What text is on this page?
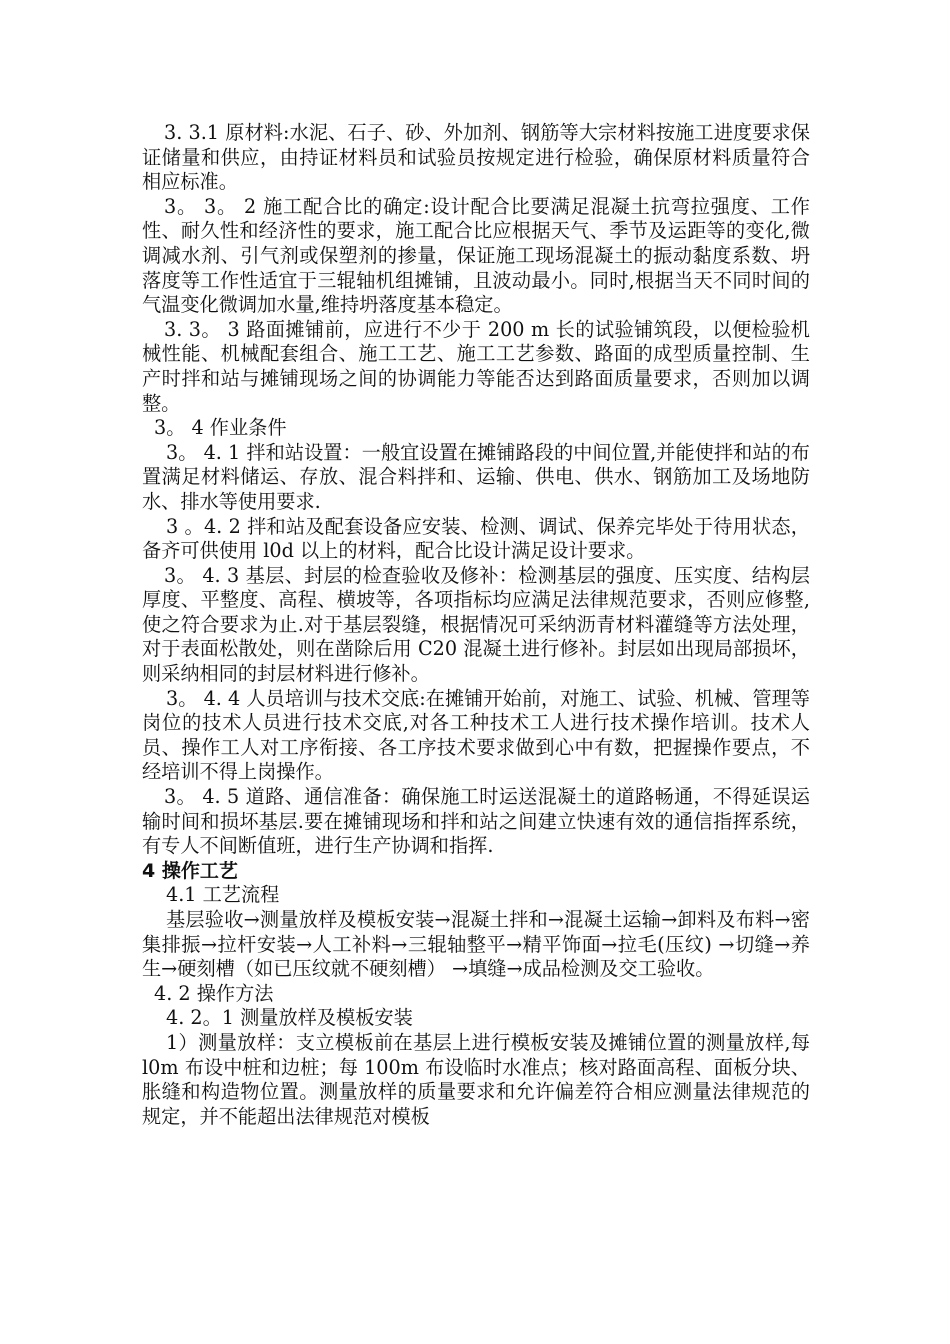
3. 3.1 原材料:水泥、石子、砂、外加剂、钢筋等大宗材料按施工进度要求保证储量和供应，由持证材料员和试验员按规定进行检验，确保原材料质量符合相应标准。

3。 3。 2 施工配合比的确定:设计配合比要满足混凝土抗弯拉强度、工作性、耐久性和经济性的要求，施工配合比应根据天气、季节及运距等的变化,微调减水剂、引气剂或保塑剂的掺量，保证施工现场混凝土的振动黏度系数、坍落度等工作性适宜于三辊轴机组摊铺，且波动最小。同时,根据当天不同时间的气温变化微调加水量,维持坍落度基本稳定。

3. 3。 3 路面摊铺前，应进行不少于 200 m 长的试验铺筑段，以便检验机械性能、机械配套组合、施工工艺、施工工艺参数、路面的成型质量控制、生产时拌和站与摊铺现场之间的协调能力等能否达到路面质量要求，否则加以调整。

3。 4 作业条件

3。 4. 1 拌和站设置：一般宜设置在摊铺路段的中间位置,并能使拌和站的布置满足材料储运、存放、混合料拌和、运输、供电、供水、钢筋加工及场地防水、排水等使用要求.

3 。4. 2 拌和站及配套设备应安装、检测、调试、保养完毕处于待用状态，备齐可供使用 l0d 以上的材料，配合比设计满足设计要求。

3。 4. 3 基层、封层的检查验收及修补：检测基层的强度、压实度、结构层厚度、平整度、高程、横坡等，各项指标均应满足法律规范要求，否则应修整,使之符合要求为止.对于基层裂缝，根据情况可采纳沥青材料灌缝等方法处理，对于表面松散处，则在凿除后用 C20 混凝土进行修补。封层如出现局部损坏，则采纳相同的封层材料进行修补。

3。 4. 4 人员培训与技术交底:在摊铺开始前，对施工、试验、机械、管理等岗位的技术人员进行技术交底,对各工种技术工人进行技术操作培训。技术人员、操作工人对工序衔接、各工序技术要求做到心中有数，把握操作要点，不经培训不得上岗操作。

3。 4. 5 道路、通信准备：确保施工时运送混凝土的道路畅通，不得延误运输时间和损坏基层.要在摊铺现场和拌和站之间建立快速有效的通信指挥系统，有专人不间断值班，进行生产协调和指挥.

4 操作工艺

4.1 工艺流程

基层验收→测量放样及模板安装→混凝土拌和→混凝土运输→卸料及布料→密集排振→拉杆安装→人工补料→三辊轴整平→精平饰面→拉毛(压纹) →切缝→养生→硬刻槽（如已压纹就不硬刻槽） →填缝→成品检测及交工验收。

4. 2 操作方法

4. 2。1 测量放样及模板安装

1）测量放样：支立模板前在基层上进行模板安装及摊铺位置的测量放样,每 l0m 布设中桩和边桩；每 100m 布设临时水准点；核对路面高程、面板分块、胀缝和构造物位置。测量放样的质量要求和允许偏差符合相应测量法律规范的规定，并不能超出法律规范对模板
